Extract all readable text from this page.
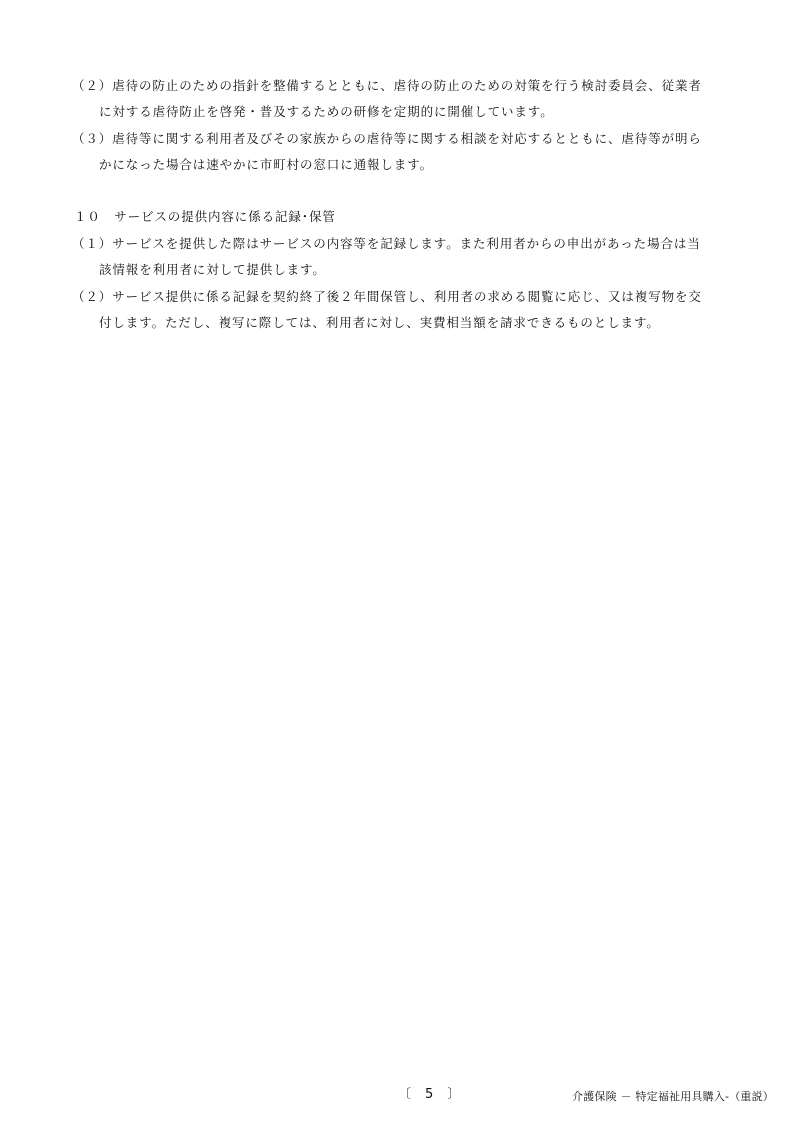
（２）虐待の防止のための指針を整備するとともに、虐待の防止のための対策を行う検討委員会、従業者
に対する虐待防止を啓発・普及するための研修を定期的に開催しています。
（３）虐待等に関する利用者及びその家族からの虐待等に関する相談を対応するとともに、虐待等が明ら
かになった場合は速やかに市町村の窓口に通報します。
１０　サービスの提供内容に係る記録･保管
（１）サービスを提供した際はサービスの内容等を記録します。また利用者からの申出があった場合は当
該情報を利用者に対して提供します。
（２）サービス提供に係る記録を契約終了後２年間保管し、利用者の求める閲覧に応じ、又は複写物を交
付します。ただし、複写に際しては、利用者に対し、実費相当額を請求できるものとします。
〔 5 〕	介護保険 － 特定福祉用具購入-（重説）
